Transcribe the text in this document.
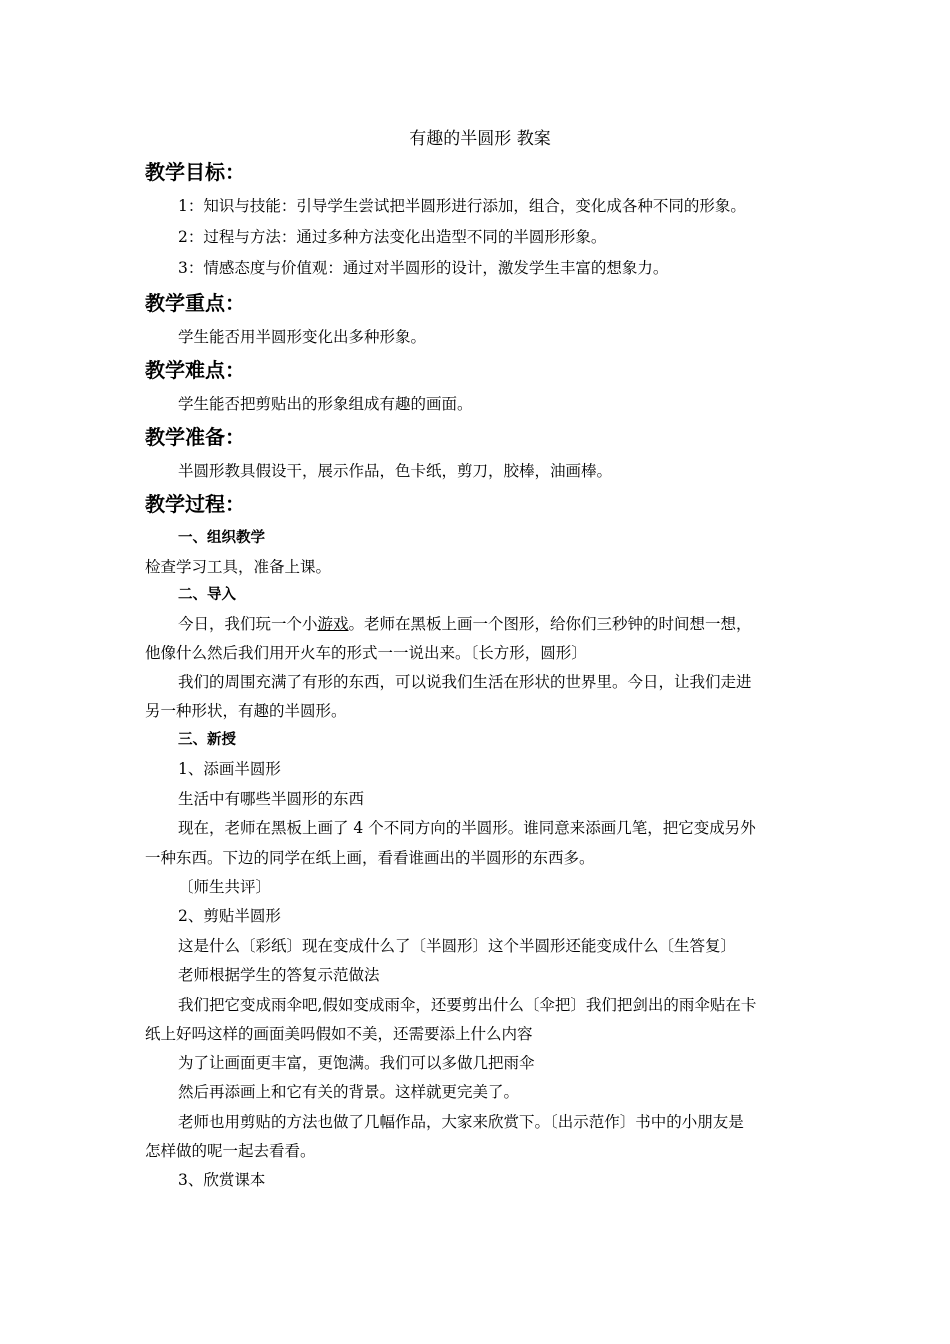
有趣的半圆形 教案
教学目标：
1：知识与技能：引导学生尝试把半圆形进行添加，组合，变化成各种不同的形象。
2：过程与方法：通过多种方法变化出造型不同的半圆形形象。
3：情感态度与价值观：通过对半圆形的设计，激发学生丰富的想象力。
教学重点：
学生能否用半圆形变化出多种形象。
教学难点：
学生能否把剪贴出的形象组成有趣的画面。
教学准备：
半圆形教具假设干，展示作品，色卡纸，剪刀，胶棒，油画棒。
教学过程：
一、组织教学
检查学习工具，准备上课。
二、导入
今日，我们玩一个小游戏。老师在黑板上画一个图形，给你们三秒钟的时间想一想，
他像什么然后我们用开火车的形式一一说出来。〔长方形，圆形〕
我们的周围充满了有形的东西，可以说我们生活在形状的世界里。今日，让我们走进
另一种形状，有趣的半圆形。
三、新授
1、添画半圆形
生活中有哪些半圆形的东西
现在，老师在黑板上画了 4 个不同方向的半圆形。谁同意来添画几笔，把它变成另外
一种东西。下边的同学在纸上画，看看谁画出的半圆形的东西多。
〔师生共评〕
2、剪贴半圆形
这是什么〔彩纸〕现在变成什么了〔半圆形〕这个半圆形还能变成什么〔生答复〕
老师根据学生的答复示范做法
我们把它变成雨伞吧,假如变成雨伞，还要剪出什么〔伞把〕我们把剑出的雨伞贴在卡
纸上好吗这样的画面美吗假如不美，还需要添上什么内容
为了让画面更丰富，更饱满。我们可以多做几把雨伞
然后再添画上和它有关的背景。这样就更完美了。
老师也用剪贴的方法也做了几幅作品，大家来欣赏下。〔出示范作〕书中的小朋友是
怎样做的呢一起去看看。
3、欣赏课本
